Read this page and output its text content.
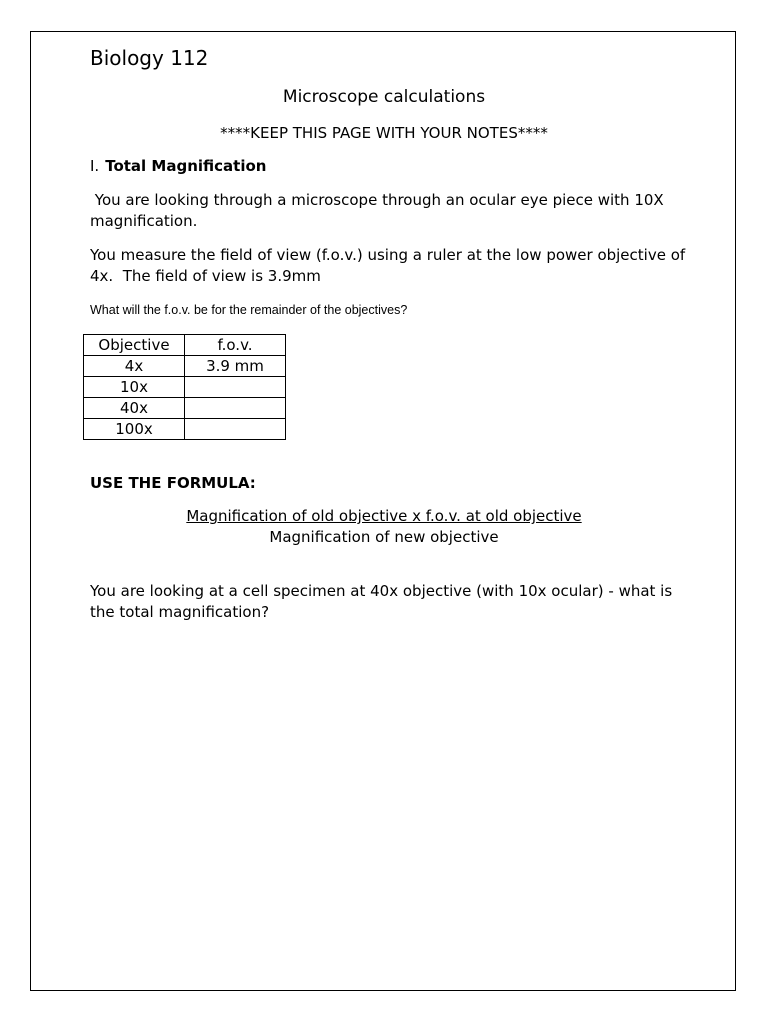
Biology 112
Microscope calculations
****KEEP THIS PAGE WITH YOUR NOTES****
I. Total Magnification
You are looking through a microscope through an ocular eye piece with 10X magnification.
You measure the field of view (f.o.v.) using a ruler at the low power objective of 4x.  The field of view is 3.9mm
What will the f.o.v. be for the remainder of the objectives?
Objective	f.o.v.
4x	3.9 mm
10x	
40x	
100x	
USE THE FORMULA:
Magnification of old objective x f.o.v. at old objective
Magnification of new objective
You are looking at a cell specimen at 40x objective (with 10x ocular) - what is the total magnification?
